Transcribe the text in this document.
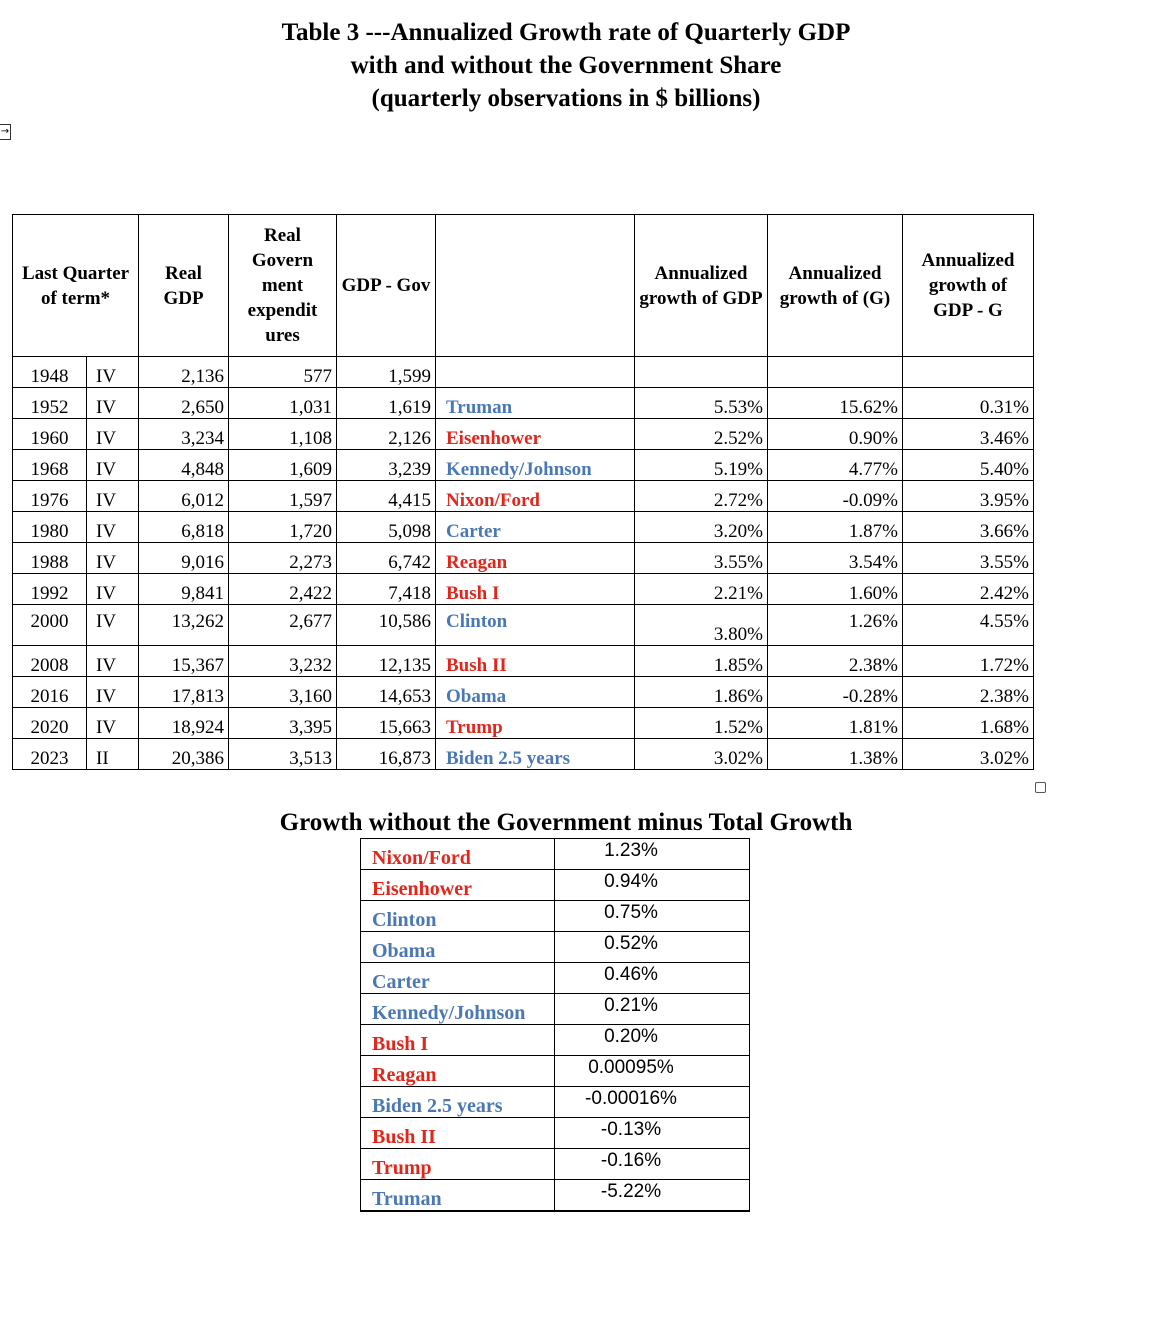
→
Table 3 ---Annualized Growth rate of Quarterly GDP
with and without the Government Share
(quarterly observations in $ billions)
Last Quarter of term*		Real GDP	Real Govern ment expendit ures	GDP - Gov		Annualized growth of GDP	Annualized growth of (G)	Annualized growth of GDP - G
1948	IV	2,136	577	1,599				
1952	IV	2,650	1,031	1,619	Truman	5.53%	15.62%	0.31%
1960	IV	3,234	1,108	2,126	Eisenhower	2.52%	0.90%	3.46%
1968	IV	4,848	1,609	3,239	Kennedy/Johnson	5.19%	4.77%	5.40%
1976	IV	6,012	1,597	4,415	Nixon/Ford	2.72%	-0.09%	3.95%
1980	IV	6,818	1,720	5,098	Carter	3.20%	1.87%	3.66%
1988	IV	9,016	2,273	6,742	Reagan	3.55%	3.54%	3.55%
1992	IV	9,841	2,422	7,418	Bush I	2.21%	1.60%	2.42%
2000	IV	13,262	2,677	10,586	Clinton	3.80%	1.26%	4.55%
2008	IV	15,367	3,232	12,135	Bush II	1.85%	2.38%	1.72%
2016	IV	17,813	3,160	14,653	Obama	1.86%	-0.28%	2.38%
2020	IV	18,924	3,395	15,663	Trump	1.52%	1.81%	1.68%
2023	II	20,386	3,513	16,873	Biden 2.5 years	3.02%	1.38%	3.02%
Growth without the Government minus Total Growth
Nixon/Ford	1.23%
Eisenhower	0.94%
Clinton	0.75%
Obama	0.52%
Carter	0.46%
Kennedy/Johnson	0.21%
Bush I	0.20%
Reagan	0.00095%
Biden 2.5 years	-0.00016%
Bush II	-0.13%
Trump	-0.16%
Truman	-5.22%
